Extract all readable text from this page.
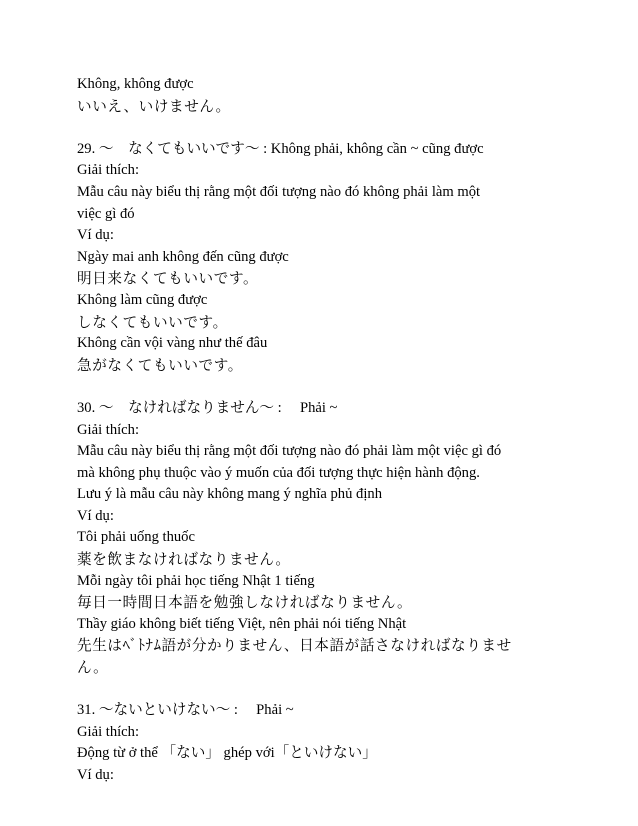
Không, không được
いいえ、いけません。
29. ～　なくてもいいです～ : Không phải, không cần ~ cũng được
Giải thích:
Mẫu câu này biểu thị rằng một đối tượng nào đó không phải làm một
việc gì đó
Ví dụ:
Ngày mai anh không đến cũng được
明日来なくてもいいです。
Không làm cũng được
しなくてもいいです。
Không cần vội vàng như thế đâu
急がなくてもいいです。
30. ～　なければなりません～ :　 Phải ~
Giải thích:
Mẫu câu này biểu thị rằng một đối tượng nào đó phải làm một việc gì đó
mà không phụ thuộc vào ý muốn của đối tượng thực hiện hành động.
Lưu ý là mẫu câu này không mang ý nghĩa phủ định
Ví dụ:
Tôi phải uống thuốc
薬を飲まなければなりません。
Mỗi ngày tôi phải học tiếng Nhật 1 tiếng
毎日一時間日本語を勉強しなければなりません。
Thầy giáo không biết tiếng Việt, nên phải nói tiếng Nhật
先生はﾍﾞﾄﾅﾑ語が分かりません、日本語が話さなければなりませ
ん。
31. ～ないといけない～ :　 Phải ~
Giải thích:
Động từ ở thể 「ない」 ghép với「といけない」
Ví dụ:
